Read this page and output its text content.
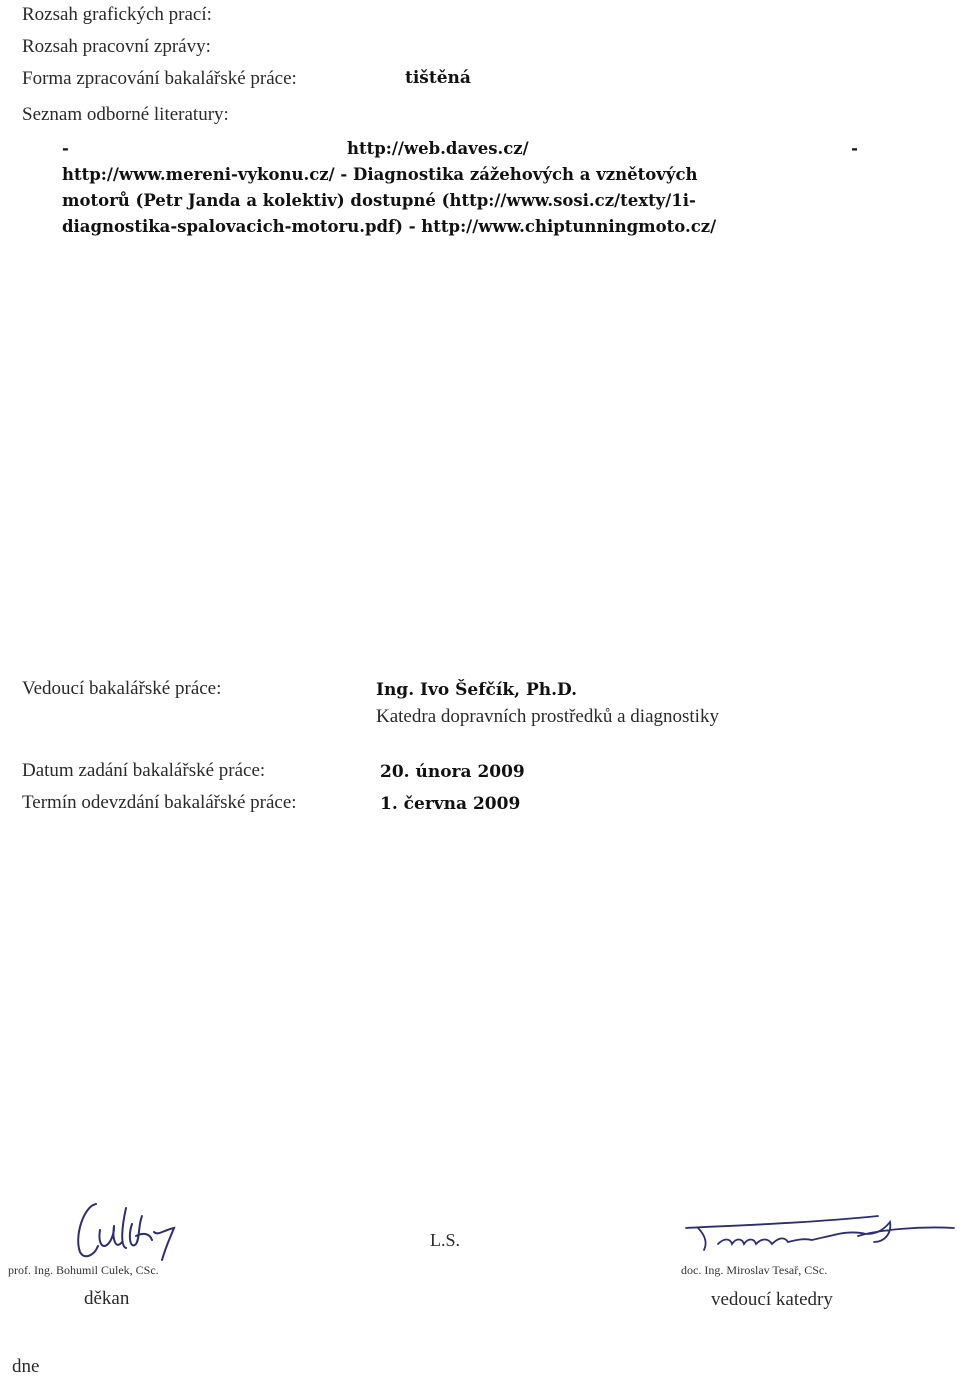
Rozsah grafických prací:
Rozsah pracovní zprávy:
Forma zpracování bakalářské práce:	tištěná
Seznam odborné literatury:
-	http://web.daves.cz/	-
http://www.mereni-vykonu.cz/ - Diagnostika zážehových a vznětových
motorů (Petr Janda a kolektiv) dostupné (http://www.sosi.cz/texty/1i-
diagnostika-spalovacich-motoru.pdf) - http://www.chiptunningmoto.cz/
Vedoucí bakalářské práce:	Ing. Ivo Šefčík, Ph.D.
Katedra dopravních prostředků a diagnostiky
Datum zadání bakalářské práce:	20. února 2009
Termín odevzdání bakalářské práce:	1. června 2009
prof. Ing. Bohumil Culek, CSc.
děkan
L.S.
doc. Ing. Miroslav Tesař, CSc.
vedoucí katedry
dne
